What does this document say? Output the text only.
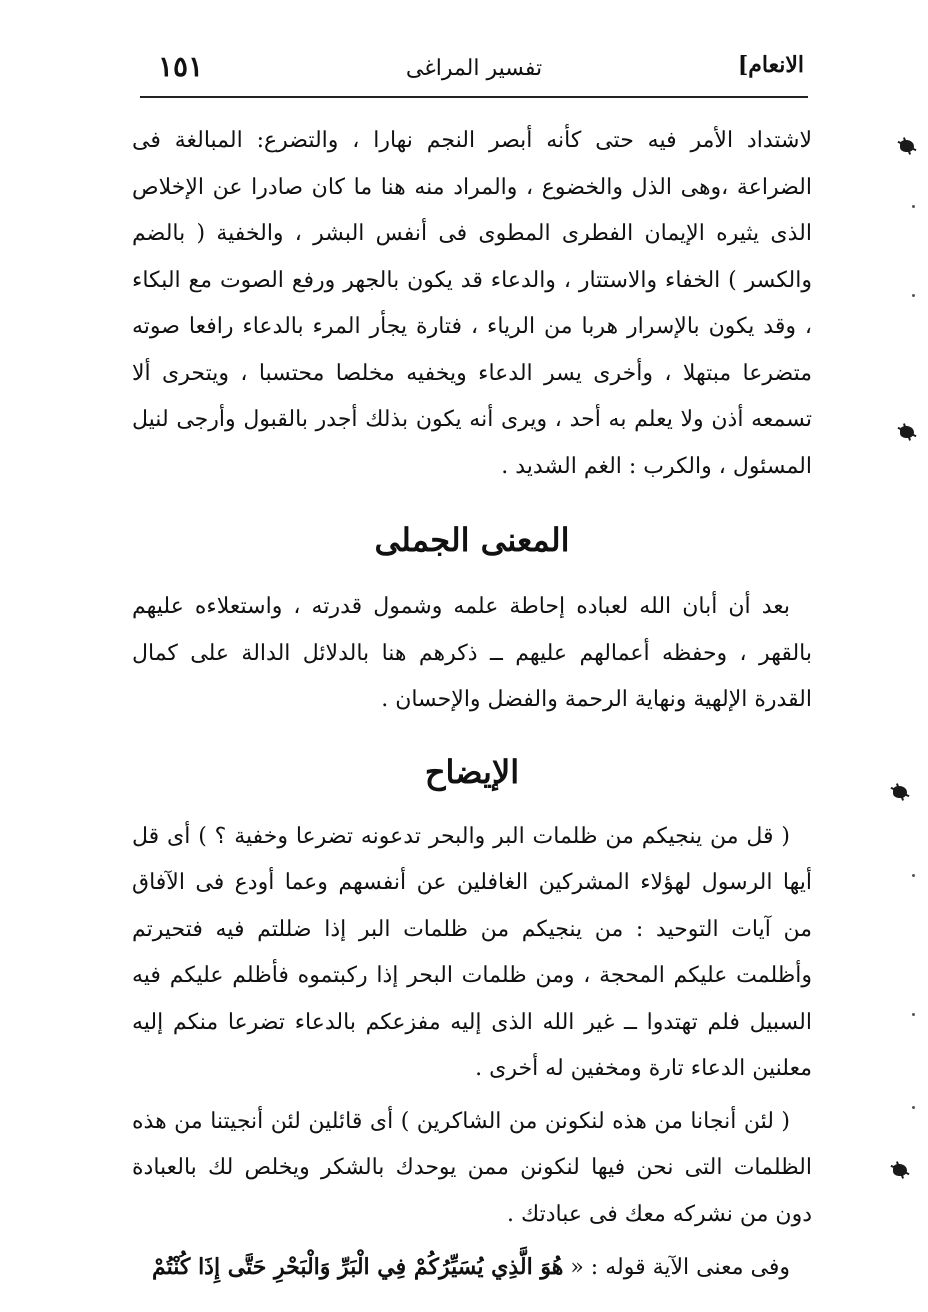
١٥١	تفسير المراغى	الانعام]

لاشتداد الأمر فيه حتى كأنه أبصر النجم نهارا ، والتضرع: المبالغة فى الضراعة ،وهى الذل والخضوع ، والمراد منه هنا ما كان صادرا عن الإخلاص الذى يثيره الإيمان الفطرى المطوى فى أنفس البشر ، والخفية ( بالضم والكسر ) الخفاء والاستتار ، والدعاء قد يكون بالجهر ورفع الصوت مع البكاء ، وقد يكون بالإسرار هربا من الرياء ، فتارة يجأر المرء بالدعاء رافعا صوته متضرعا مبتهلا ، وأخرى يسر الدعاء ويخفيه مخلصا محتسبا ، ويتحرى ألا تسمعه أذن ولا يعلم به أحد ، ويرى أنه يكون بذلك أجدر بالقبول وأرجى لنيل المسئول ، والكرب : الغم الشديد .

المعنى الجملى

بعد أن أبان الله لعباده إحاطة علمه وشمول قدرته ، واستعلاءه عليهم بالقهر ، وحفظه أعمالهم عليهم ــ ذكرهم هنا بالدلائل الدالة على كمال القدرة الإلهية ونهاية الرحمة والفضل والإحسان .

الإيضاح

( قل من ينجيكم من ظلمات البر والبحر تدعونه تضرعا وخفية ؟ ) أى قل أيها الرسول لهؤلاء المشركين الغافلين عن أنفسهم وعما أودع فى الآفاق من آيات التوحيد : من ينجيكم من ظلمات البر إذا ضللتم فيه فتحيرتم وأظلمت عليكم المحجة ، ومن ظلمات البحر إذا ركبتموه فأظلم عليكم فيه السبيل فلم تهتدوا ــ غير الله الذى إليه مفزعكم بالدعاء تضرعا منكم إليه معلنين الدعاء تارة ومخفين له أخرى .

( لئن أنجانا من هذه لنكونن من الشاكرين ) أى قائلين لئن أنجيتنا من هذه الظلمات التى نحن فيها لنكونن ممن يوحدك بالشكر ويخلص لك بالعبادة دون من نشركه معك فى عبادتك .

وفى معنى الآية قوله : « هُوَ الَّذِي يُسَيِّرُكُمْ فِي الْبَرِّ وَالْبَحْرِ حَتَّى إِذَا كُنْتُمْ
